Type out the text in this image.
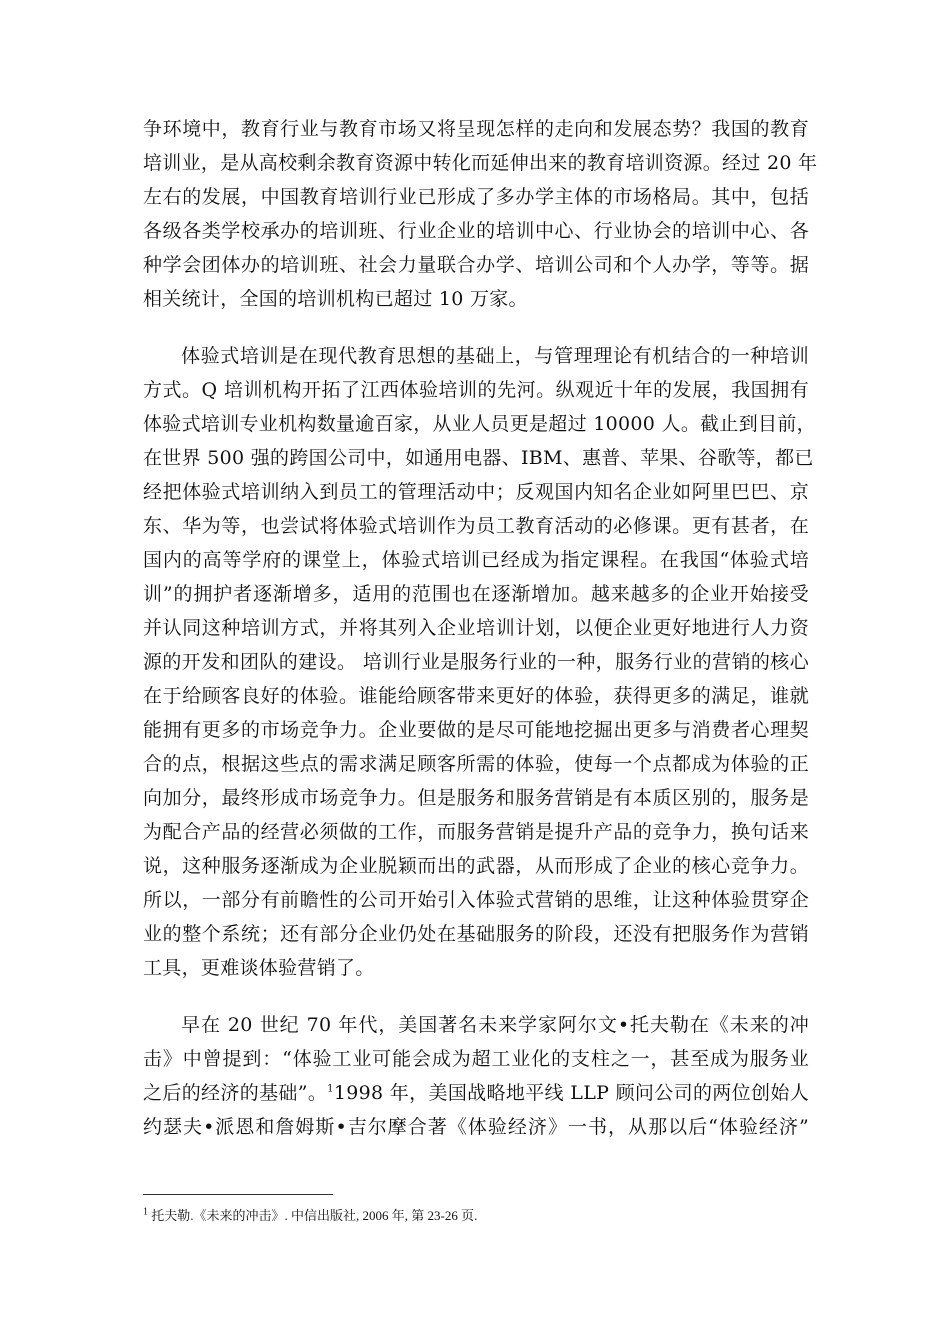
争环境中，教育行业与教育市场又将呈现怎样的走向和发展态势？我国的教育
培训业，是从高校剩余教育资源中转化而延伸出来的教育培训资源。经过 20 年
左右的发展，中国教育培训行业已形成了多办学主体的市场格局。其中，包括
各级各类学校承办的培训班、行业企业的培训中心、行业协会的培训中心、各
种学会团体办的培训班、社会力量联合办学、培训公司和个人办学，等等。据
相关统计，全国的培训机构已超过 10 万家。
体验式培训是在现代教育思想的基础上，与管理理论有机结合的一种培训
方式。Q 培训机构开拓了江西体验培训的先河。纵观近十年的发展，我国拥有
体验式培训专业机构数量逾百家，从业人员更是超过 10000 人。截止到目前，
在世界 500 强的跨国公司中，如通用电器、IBM、惠普、苹果、谷歌等，都已
经把体验式培训纳入到员工的管理活动中；反观国内知名企业如阿里巴巴、京
东、华为等，也尝试将体验式培训作为员工教育活动的必修课。更有甚者，在
国内的高等学府的课堂上，体验式培训已经成为指定课程。在我国“体验式培
训”的拥护者逐渐增多，适用的范围也在逐渐增加。越来越多的企业开始接受
并认同这种培训方式，并将其列入企业培训计划，以便企业更好地进行人力资
源的开发和团队的建设。 培训行业是服务行业的一种，服务行业的营销的核心
在于给顾客良好的体验。谁能给顾客带来更好的体验，获得更多的满足，谁就
能拥有更多的市场竞争力。企业要做的是尽可能地挖掘出更多与消费者心理契
合的点，根据这些点的需求满足顾客所需的体验，使每一个点都成为体验的正
向加分，最终形成市场竞争力。但是服务和服务营销是有本质区别的，服务是
为配合产品的经营必须做的工作，而服务营销是提升产品的竞争力，换句话来
说，这种服务逐渐成为企业脱颖而出的武器，从而形成了企业的核心竞争力。
所以，一部分有前瞻性的公司开始引入体验式营销的思维，让这种体验贯穿企
业的整个系统；还有部分企业仍处在基础服务的阶段，还没有把服务作为营销
工具，更难谈体验营销了。
早在 20 世纪 70 年代，美国著名未来学家阿尔文•托夫勒在《未来的冲
击》中曾提到：“体验工业可能会成为超工业化的支柱之一，甚至成为服务业
之后的经济的基础”。$^1$1998 年，美国战略地平线 LLP 顾问公司的两位创始人
约瑟夫•派恩和詹姆斯•吉尔摩合著《体验经济》一书，从那以后“体验经济”
$^1$ 托夫勒.《未来的冲击》. 中信出版社, 2006 年, 第 23-26 页.
